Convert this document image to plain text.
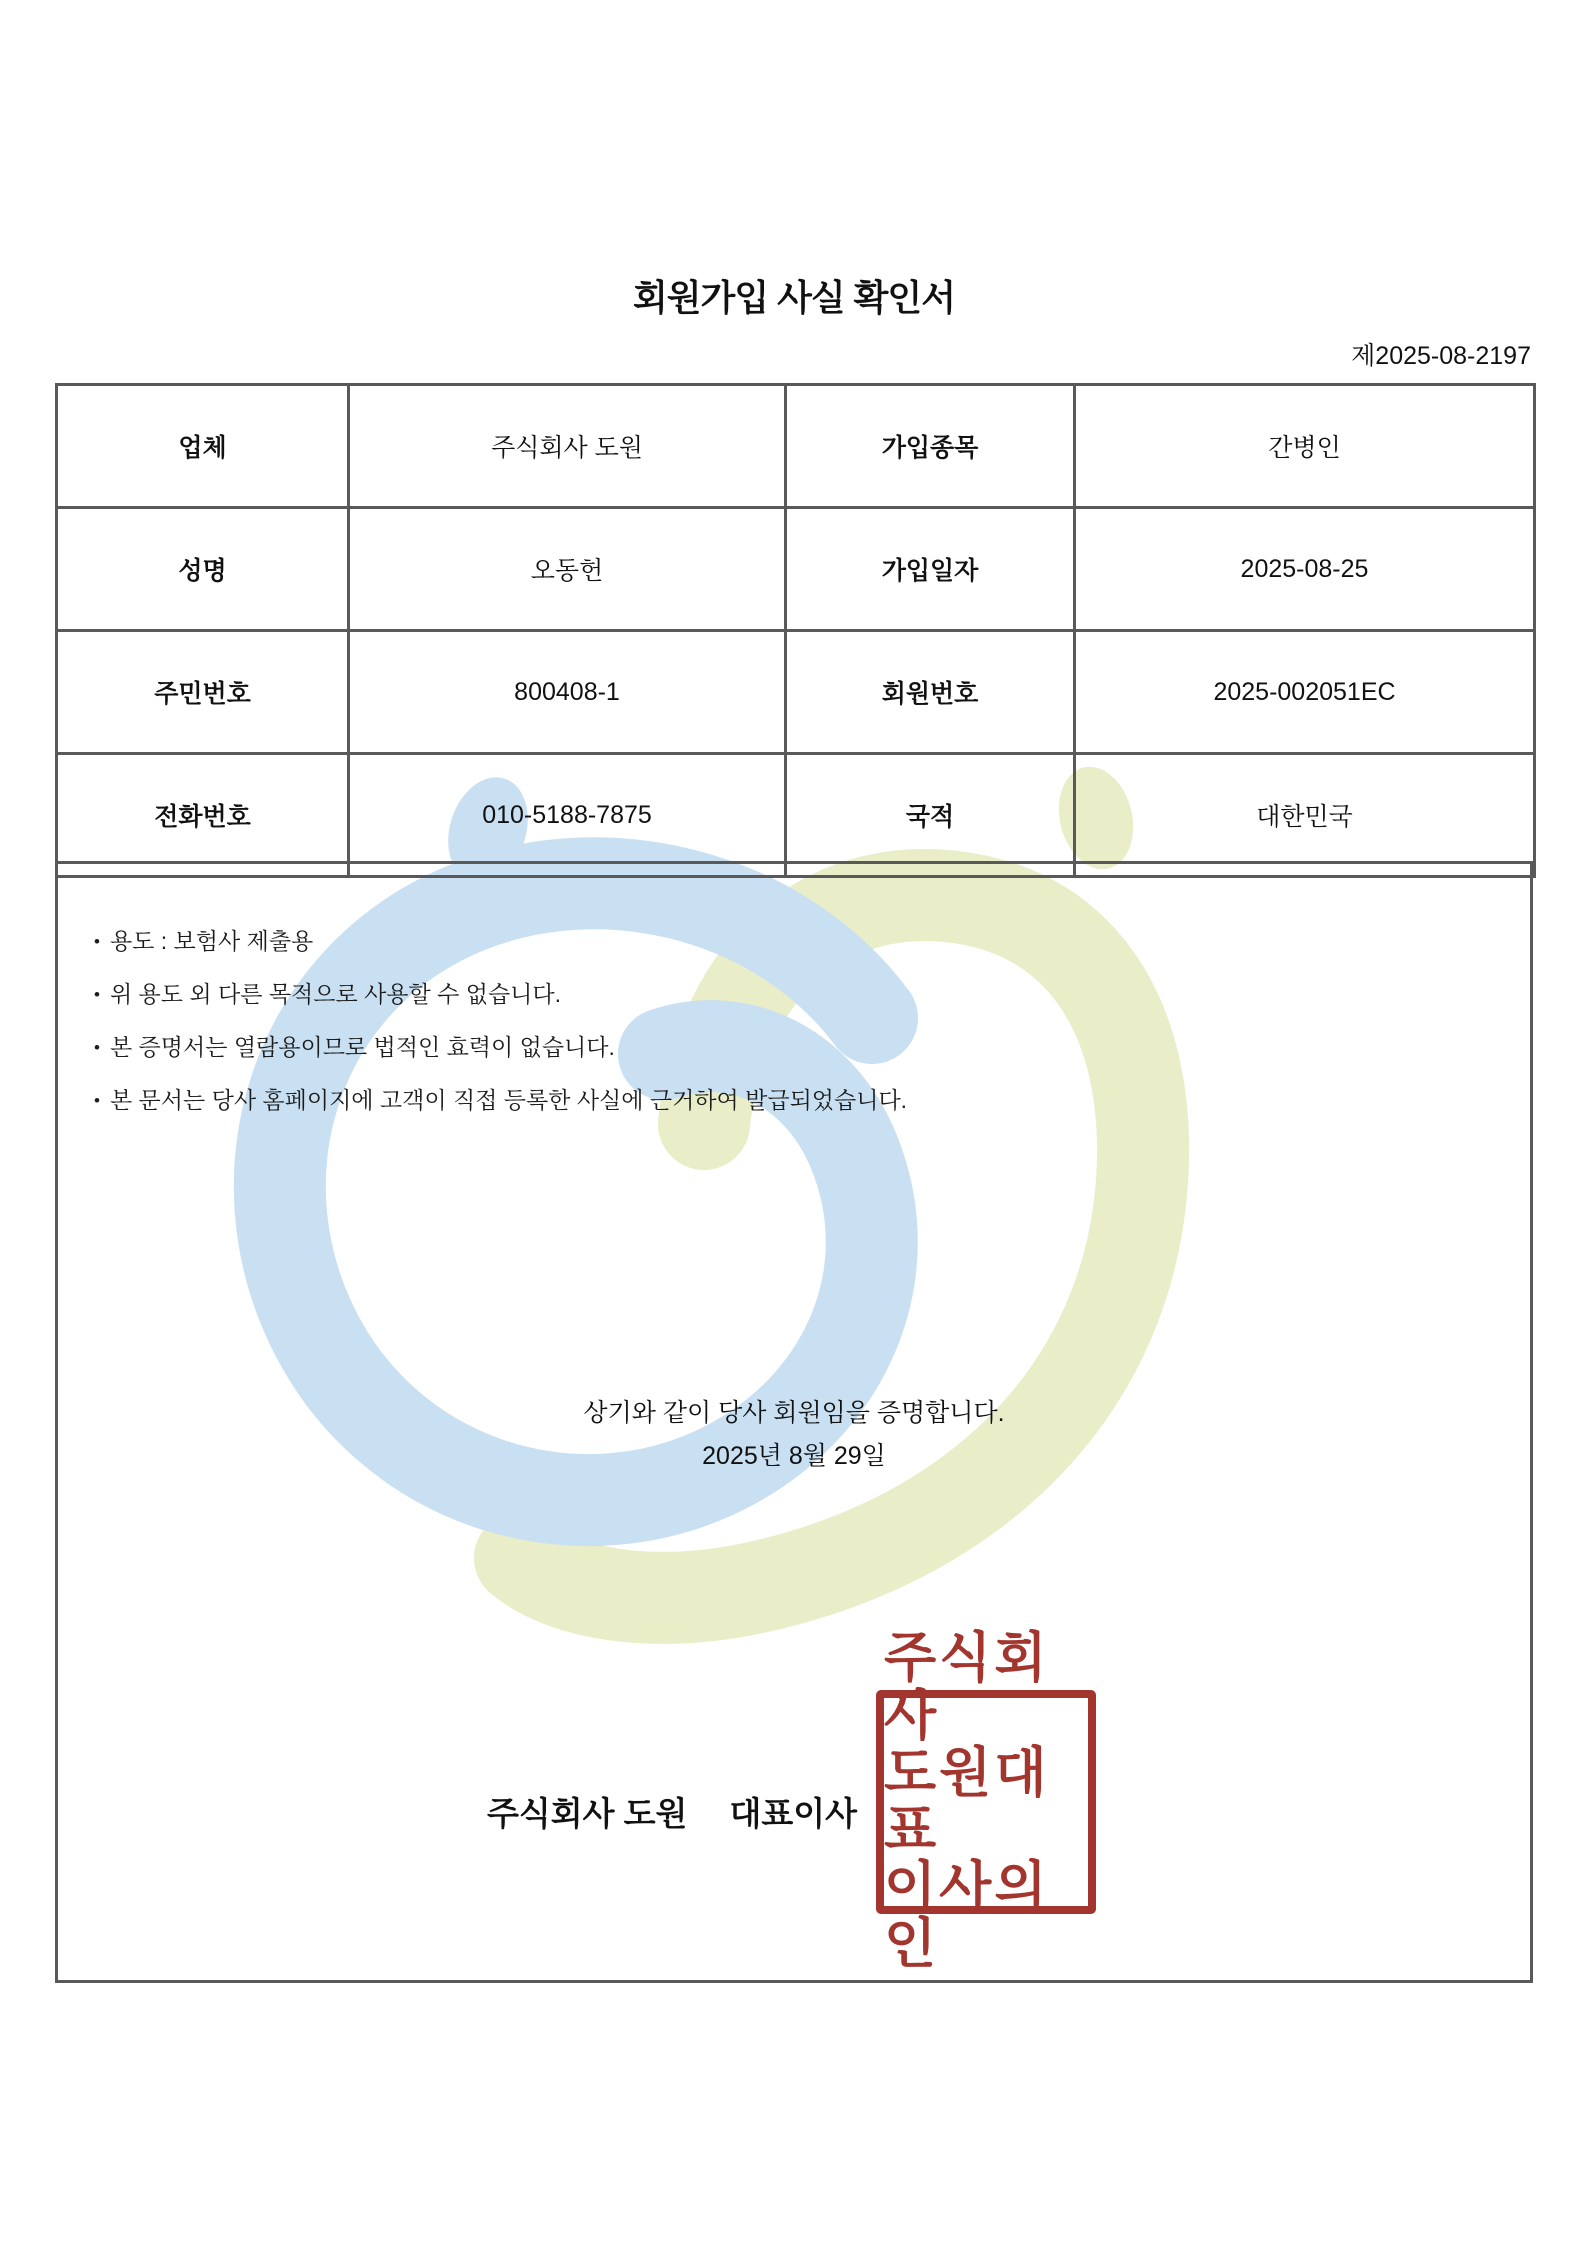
회원가입 사실 확인서
제2025-08-2197
업체	주식회사 도원	가입종목	간병인
성명	오동헌	가입일자	2025-08-25
주민번호	800408-1	회원번호	2025-002051EC
전화번호	010-5188-7875	국적	대한민국
• 용도 : 보험사 제출용
• 위 용도 외 다른 목적으로 사용할 수 없습니다.
• 본 증명서는 열람용이므로 법적인 효력이 없습니다.
• 본 문서는 당사 홈페이지에 고객이 직접 등록한 사실에 근거하여 발급되었습니다.
상기와 같이 당사 회원임을 증명합니다.
2025년 8월 29일
주식회사 도원 대표이사
주식회사
도원대표
이사의인
